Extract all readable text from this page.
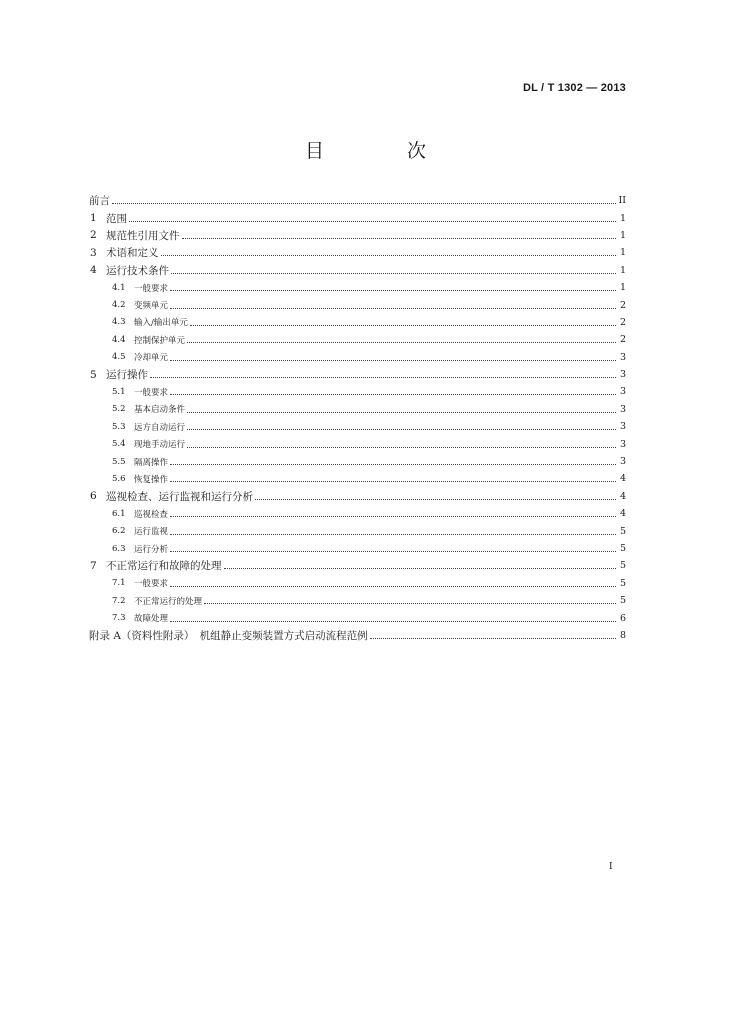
DL / T 1302 — 2013
目　次
前言	II
1 范围	1
2 规范性引用文件	1
3 术语和定义	1
4 运行技术条件	1
4.1 一般要求	1
4.2 变频单元	2
4.3 输入/输出单元	2
4.4 控制保护单元	2
4.5 冷却单元	3
5 运行操作	3
5.1 一般要求	3
5.2 基本启动条件	3
5.3 远方自动运行	3
5.4 现地手动运行	3
5.5 隔离操作	3
5.6 恢复操作	4
6 巡视检查、运行监视和运行分析	4
6.1 巡视检查	4
6.2 运行监视	5
6.3 运行分析	5
7 不正常运行和故障的处理	5
7.1 一般要求	5
7.2 不正常运行的处理	5
7.3 故障处理	6
附录 A（资料性附录）　机组静止变频装置方式启动流程范例	8
I
